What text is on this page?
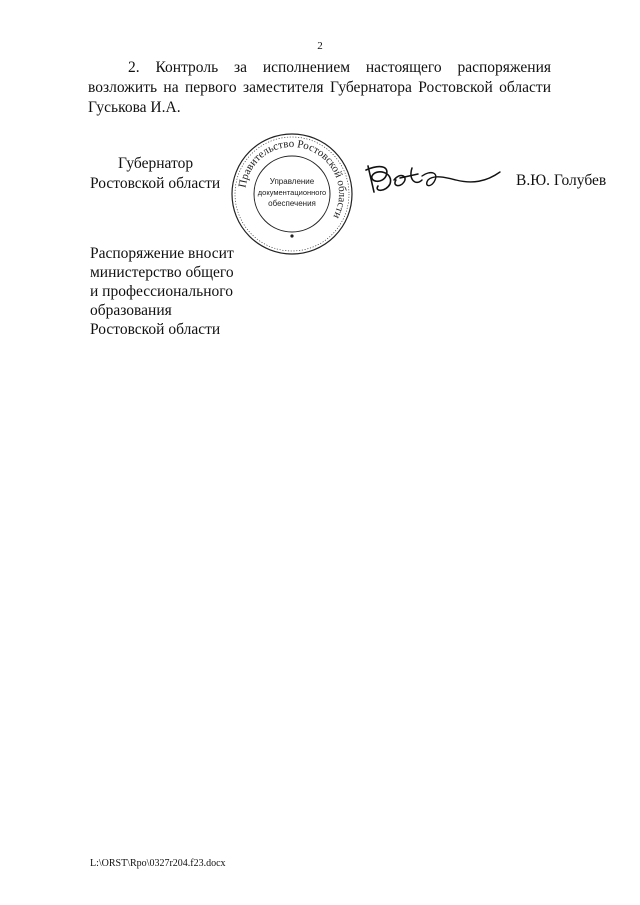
2
2. Контроль за исполнением настоящего распоряжения возложить на первого заместителя Губернатора Ростовской области Гуськова И.А.
Губернатор
Ростовской области	Правительство Ростовской области
Управление
документационного
обеспечения
В.Ю. Голубев
Распоряжение вносит
министерство общего
и профессионального
образования
Ростовской области
L:\ORST\Rpo\0327r204.f23.docx
